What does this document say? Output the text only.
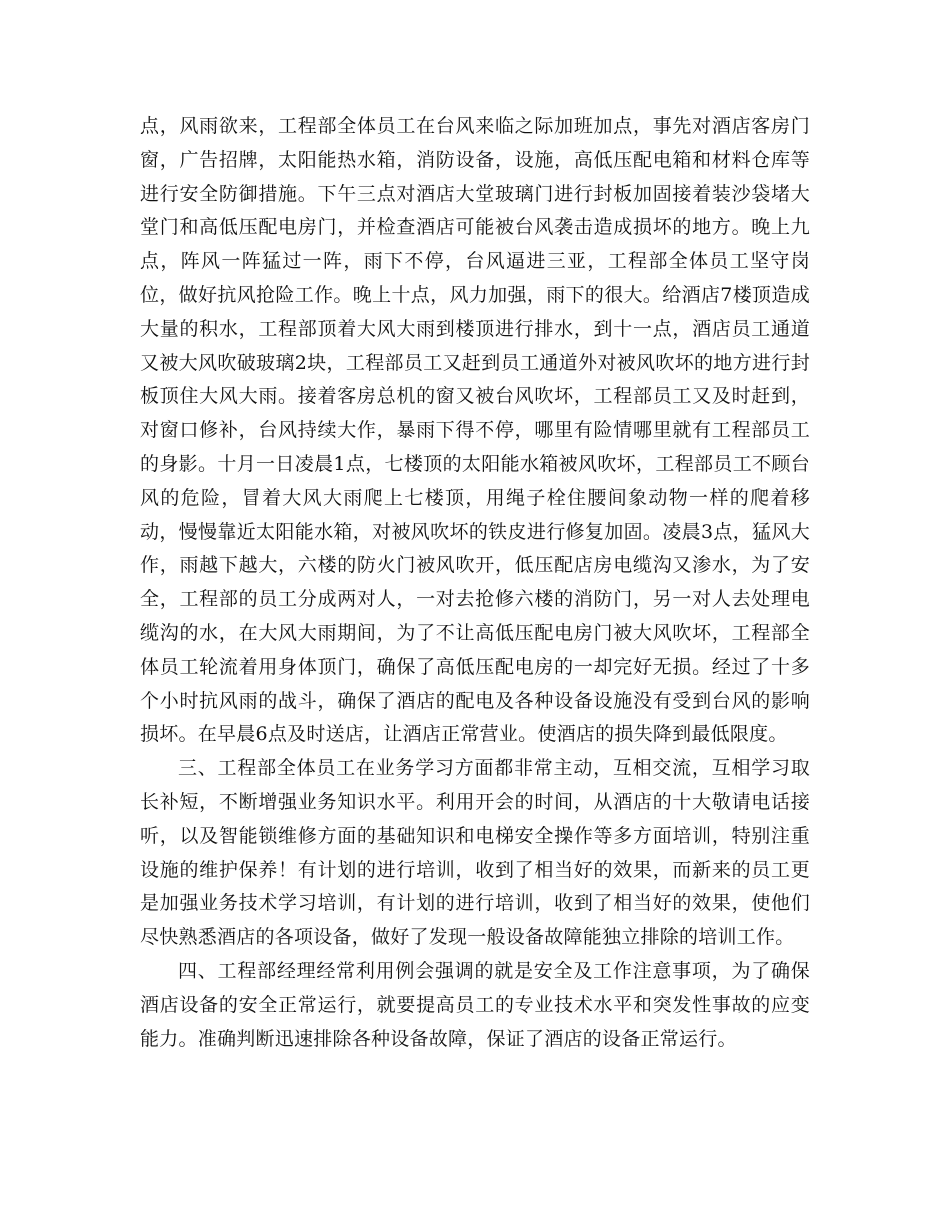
点，风雨欲来，工程部全体员工在台风来临之际加班加点，事先对酒店客房门窗，广告招牌，太阳能热水箱，消防设备，设施，高低压配电箱和材料仓库等进行安全防御措施。下午三点对酒店大堂玻璃门进行封板加固接着装沙袋堵大堂门和高低压配电房门，并检查酒店可能被台风袭击造成损坏的地方。晚上九点，阵风一阵猛过一阵，雨下不停，台风逼进三亚，工程部全体员工坚守岗位，做好抗风抢险工作。晚上十点，风力加强，雨下的很大。给酒店7楼顶造成大量的积水，工程部顶着大风大雨到楼顶进行排水，到十一点，酒店员工通道又被大风吹破玻璃2块，工程部员工又赶到员工通道外对被风吹坏的地方进行封板顶住大风大雨。接着客房总机的窗又被台风吹坏，工程部员工又及时赶到，对窗口修补，台风持续大作，暴雨下得不停，哪里有险情哪里就有工程部员工的身影。十月一日凌晨1点，七楼顶的太阳能水箱被风吹坏，工程部员工不顾台风的危险，冒着大风大雨爬上七楼顶，用绳子栓住腰间象动物一样的爬着移动，慢慢靠近太阳能水箱，对被风吹坏的铁皮进行修复加固。凌晨3点，猛风大作，雨越下越大，六楼的防火门被风吹开，低压配店房电缆沟又渗水，为了安全，工程部的员工分成两对人，一对去抢修六楼的消防门，另一对人去处理电缆沟的水，在大风大雨期间，为了不让高低压配电房门被大风吹坏，工程部全体员工轮流着用身体顶门，确保了高低压配电房的一却完好无损。经过了十多个小时抗风雨的战斗，确保了酒店的配电及各种设备设施没有受到台风的影响损坏。在早晨6点及时送店，让酒店正常营业。使酒店的损失降到最低限度。

三、工程部全体员工在业务学习方面都非常主动，互相交流，互相学习取长补短，不断增强业务知识水平。利用开会的时间，从酒店的十大敬请电话接听，以及智能锁维修方面的基础知识和电梯安全操作等多方面培训，特别注重设施的维护保养！有计划的进行培训，收到了相当好的效果，而新来的员工更是加强业务技术学习培训，有计划的进行培训，收到了相当好的效果，使他们尽快熟悉酒店的各项设备，做好了发现一般设备故障能独立排除的培训工作。

四、工程部经理经常利用例会强调的就是安全及工作注意事项，为了确保酒店设备的安全正常运行，就要提高员工的专业技术水平和突发性事故的应变能力。准确判断迅速排除各种设备故障，保证了酒店的设备正常运行。
